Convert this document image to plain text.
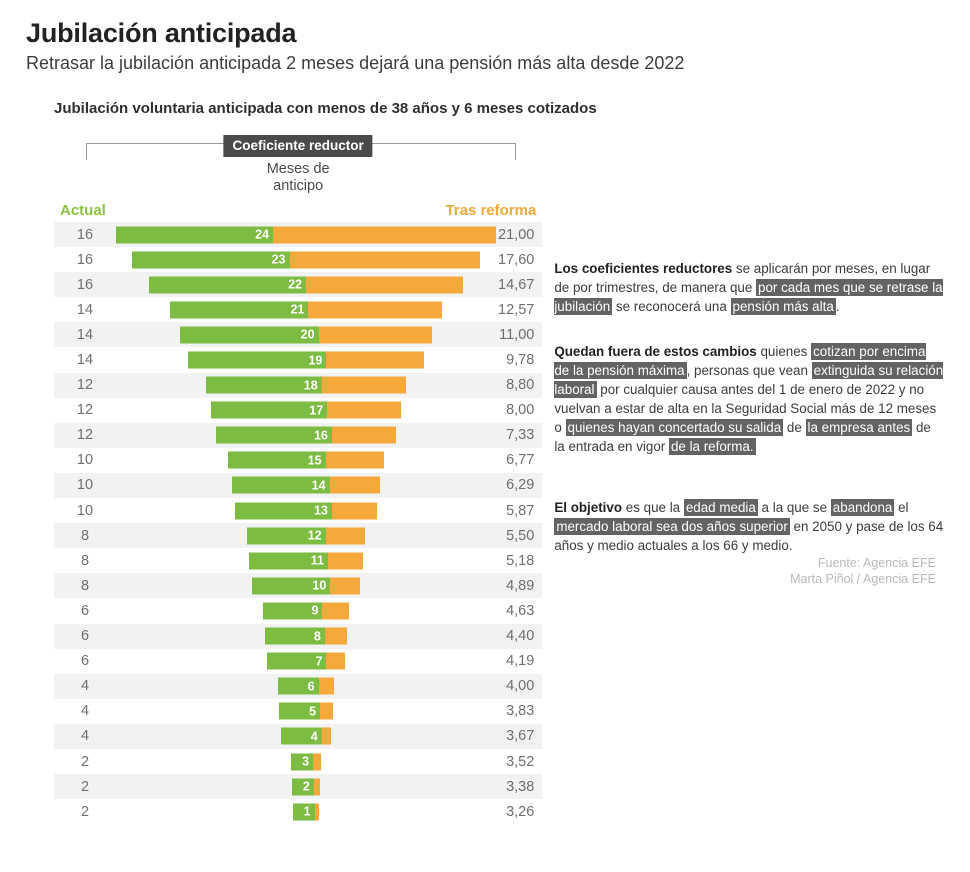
Jubilación anticipada
Retrasar la jubilación anticipada 2 meses dejará una pensión más alta desde 2022
Jubilación voluntaria anticipada con menos de 38 años y 6 meses cotizados
Coeficiente reductor
Meses de
anticipo
Actual	Tras reforma
16	24	21,00
16	23	17,60
16	22	14,67
14	21	12,57
14	20	11,00
14	19	9,78
12	18	8,80
12	17	8,00
12	16	7,33
10	15	6,77
10	14	6,29
10	13	5,87
8	12	5,50
8	11	5,18
8	10	4,89
6	9	4,63
6	8	4,40
6	7	4,19
4	6	4,00
4	5	3,83
4	4	3,67
2	3	3,52
2	2	3,38
2	1	3,26
Los coeficientes reductores se aplicarán por meses, en lugar de por trimestres, de manera que por cada mes que se retrase la jubilación se reconocerá una pensión más alta .
Quedan fuera de estos cambios quienes cotizan por encima de la pensión máxima , personas que vean extinguida su relación laboral por cualquier causa antes del 1 de enero de 2022 y no vuelvan a estar de alta en la Seguridad Social más de 12 meses o quienes hayan concertado su salida de la empresa antes de la entrada en vigor de la reforma.
El objetivo es que la edad media a la que se abandona el mercado laboral sea dos años superior en 2050 y pase de los 64 años y medio actuales a los 66 y medio.
Fuente: Agencia EFE
Marta Piñol / Agencia EFE
